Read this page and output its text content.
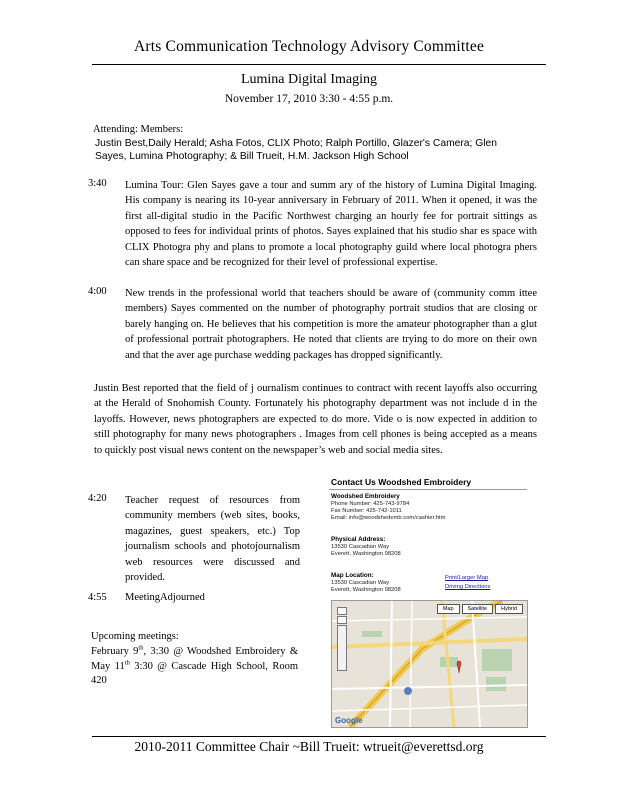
Arts Communication Technology Advisory Committee
Lumina Digital Imaging
November 17, 2010 3:30 - 4:55 p.m.
Attending: Members:
Justin Best,Daily Herald; Asha Fotos, CLIX Photo; Ralph Portillo, Glazer's Camera; Glen Sayes, Lumina Photography; & Bill Trueit, H.M. Jackson High School
3:40 Lumina Tour: Glen Sayes gave a tour and summ ary of the history of Lumina Digital Imaging. His company is nearing its 10-year anniversary in February of 2011. When it opened, it was the first all-digital studio in the Pacific Northwest charging an hourly fee for portrait sittings as opposed to fees for individual prints of photos. Sayes explained that his studio shar es space with CLIX Photogra phy and plans to promote a local photography guild where local photogra phers can share space and be recognized for their level of professional expertise.
4:00 New trends in the professional world that teachers should be aware of (community comm ittee members) Sayes commented on the number of photography portrait studios that are closing or barely hanging on. He believes that his competition is more the amateur photographer than a glut of professional portrait photographers. He noted that clients are trying to do more on their own and that the aver age purchase wedding packages has dropped significantly.
Justin Best reported that the field of j ournalism continues to contract with recent layoffs also occurring at the Herald of Snohomish County. Fortunately his photography department was not include d in the layoffs. However, news photographers are expected to do more. Vide o is now expected in addition to still photography for many news photographers . Images from cell phones is being accepted as a means to quickly post visual news content on the newspaper’s web and social media sites.
4:20 Teacher request of resources from community members (web sites, books, magazines, guest speakers, etc.) Top journalism schools and photojournalism web resources were discussed and provided.
4:55 MeetingAdjourned
Upcoming meetings:
February 9th, 3:30 @ Woodshed Embroidery & May 11th 3:30 @ Cascade High School, Room 420
Contact Us Woodshed Embroidery
Woodshed Embroidery
Phone Number: 425-743-9784
Fax Number: 425-742-1011
Email: info@woodshedemb.com/cashier.htm
Physical Address:
13530 Cascadian Way
Everett, Washington 98208
Map Location:
13530 Cascadian Way
Everett, Washington 98208
Print/Larger Map
Driving Directions
Map	Satellite	Hybrid
Google
2010-2011 Committee Chair ~Bill Trueit: wtrueit@everettsd.org
